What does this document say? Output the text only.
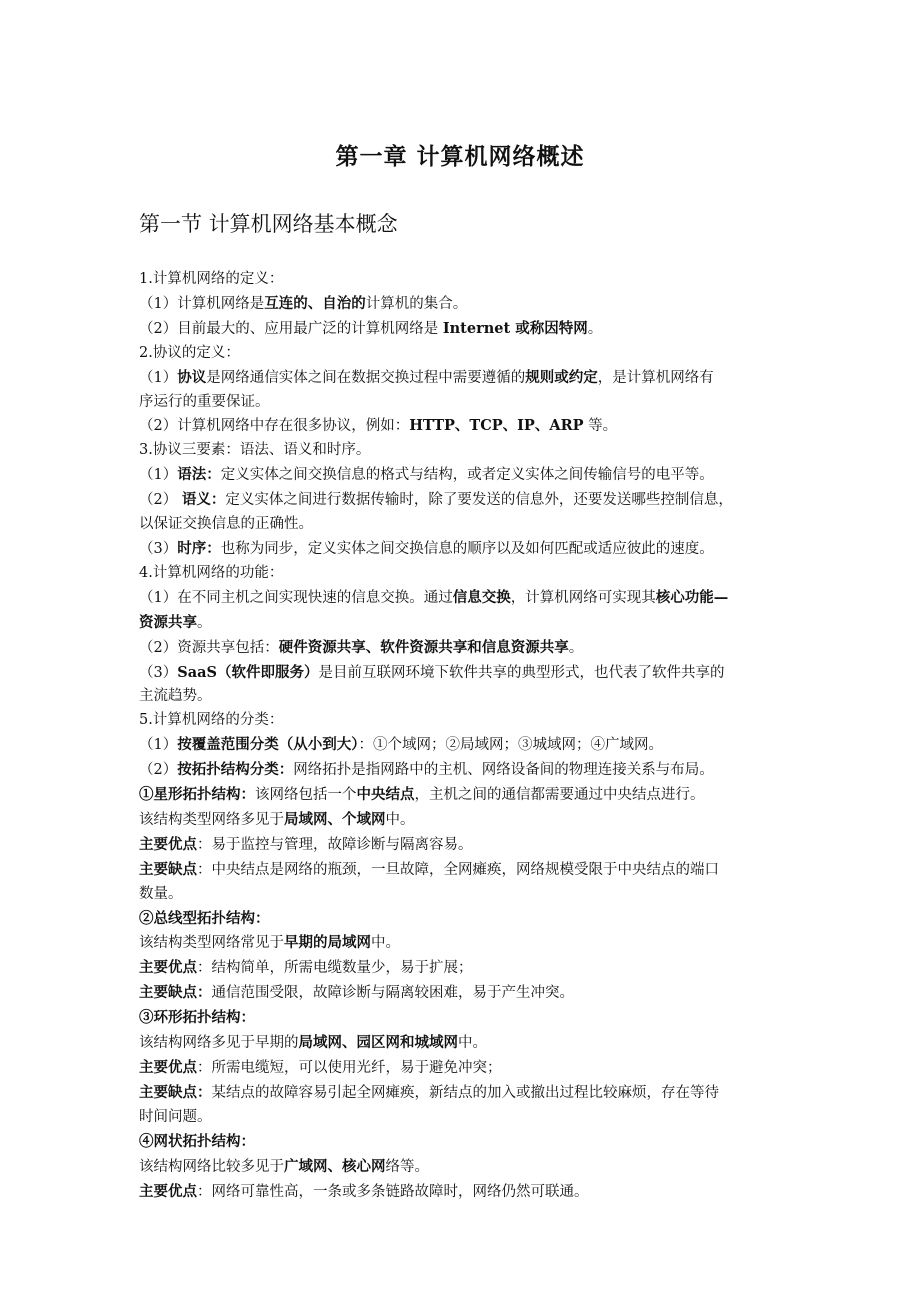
第一章 计算机网络概述
第一节 计算机网络基本概念
1.计算机网络的定义：
（1）计算机网络是互连的、自治的计算机的集合。
（2）目前最大的、应用最广泛的计算机网络是 Internet 或称因特网。
2.协议的定义：
（1）协议是网络通信实体之间在数据交换过程中需要遵循的规则或约定，是计算机网络有
序运行的重要保证。
（2）计算机网络中存在很多协议，例如：HTTP、TCP、IP、ARP 等。
3.协议三要素：语法、语义和时序。
（1）语法：定义实体之间交换信息的格式与结构，或者定义实体之间传输信号的电平等。
（2） 语义：定义实体之间进行数据传输时，除了要发送的信息外，还要发送哪些控制信息，
以保证交换信息的正确性。
（3）时序：也称为同步，定义实体之间交换信息的顺序以及如何匹配或适应彼此的速度。
4.计算机网络的功能：
（1）在不同主机之间实现快速的信息交换。通过信息交换，计算机网络可实现其核心功能—
资源共享。
（2）资源共享包括：硬件资源共享、软件资源共享和信息资源共享。
（3）SaaS（软件即服务）是目前互联网环境下软件共享的典型形式，也代表了软件共享的
主流趋势。
5.计算机网络的分类：
（1）按覆盖范围分类（从小到大）：①个域网；②局域网；③城域网；④广域网。
（2）按拓扑结构分类：网络拓扑是指网路中的主机、网络设备间的物理连接关系与布局。
①星形拓扑结构：该网络包括一个中央结点，主机之间的通信都需要通过中央结点进行。
该结构类型网络多见于局域网、个域网中。
主要优点：易于监控与管理，故障诊断与隔离容易。
主要缺点：中央结点是网络的瓶颈，一旦故障，全网瘫痪，网络规模受限于中央结点的端口
数量。
②总线型拓扑结构：
该结构类型网络常见于早期的局域网中。
主要优点：结构简单，所需电缆数量少，易于扩展；
主要缺点：通信范围受限，故障诊断与隔离较困难，易于产生冲突。
③环形拓扑结构：
该结构网络多见于早期的局域网、园区网和城域网中。
主要优点：所需电缆短，可以使用光纤，易于避免冲突；
主要缺点：某结点的故障容易引起全网瘫痪，新结点的加入或撤出过程比较麻烦，存在等待
时间问题。
④网状拓扑结构：
该结构网络比较多见于广域网、核心网络等。
主要优点：网络可靠性高，一条或多条链路故障时，网络仍然可联通。
